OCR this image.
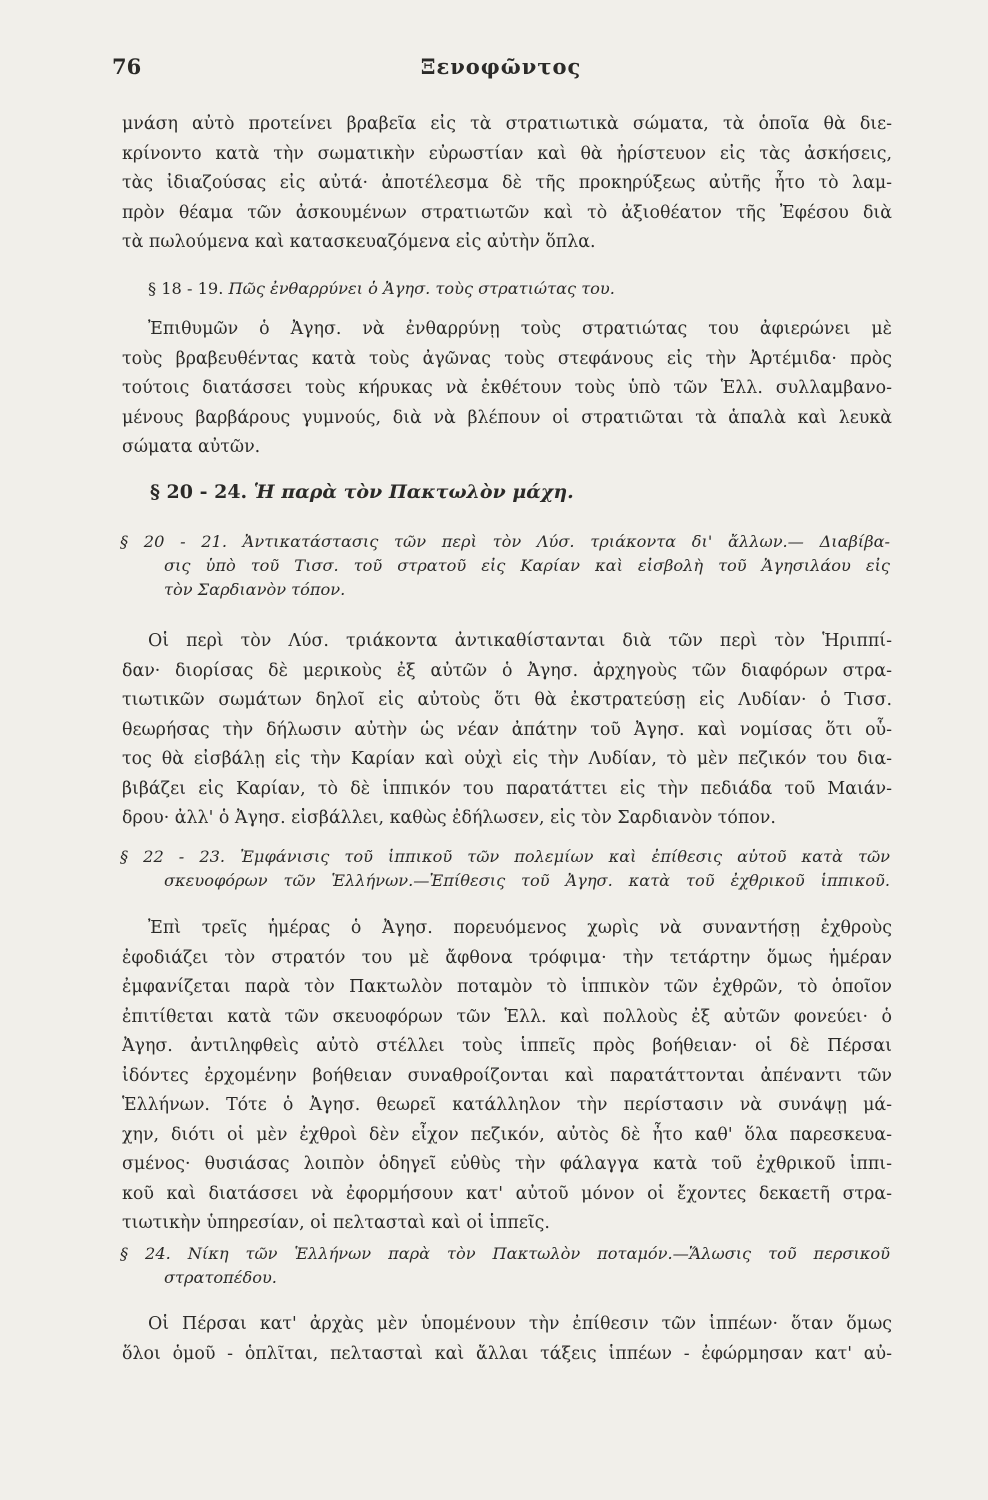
76	Ξενοφῶντος
μνάση αὐτὸ προτείνει βραβεῖα εἰς τὰ στρατιωτικὰ σώματα, τὰ ὁποῖα θὰ διε-
κρίνοντο κατὰ τὴν σωματικὴν εὐρωστίαν καὶ θὰ ἠρίστευον εἰς τὰς ἀσκήσεις,
τὰς ἰδιαζούσας εἰς αὐτά· ἀποτέλεσμα δὲ τῆς προκηρύξεως αὐτῆς ἦτο τὸ λαμ-
πρὸν θέαμα τῶν ἀσκουμένων στρατιωτῶν καὶ τὸ ἀξιοθέατον τῆς Ἐφέσου διὰ
τὰ πωλούμενα καὶ κατασκευαζόμενα εἰς αὐτὴν ὅπλα.
§ 18 - 19. Πῶς ἐνθαρρύνει ὁ Ἀγησ. τοὺς στρατιώτας του.
Ἐπιθυμῶν ὁ Ἀγησ. νὰ ἐνθαρρύνῃ τοὺς στρατιώτας του ἀφιερώνει μὲ
τοὺς βραβευθέντας κατὰ τοὺς ἀγῶνας τοὺς στεφάνους εἰς τὴν Ἀρτέμιδα· πρὸς
τούτοις διατάσσει τοὺς κήρυκας νὰ ἐκθέτουν τοὺς ὑπὸ τῶν Ἑλλ. συλλαμβανο-
μένους βαρβάρους γυμνούς, διὰ νὰ βλέπουν οἱ στρατιῶται τὰ ἁπαλὰ καὶ λευκὰ
σώματα αὐτῶν.
§ 20 - 24. Ἡ παρὰ τὸν Πακτωλὸν μάχη.
§ 20 - 21. Ἀντικατάστασις τῶν περὶ τὸν Λύσ. τριάκοντα δι' ἄλλων.— Διαβίβα-
σις ὑπὸ τοῦ Τισσ. τοῦ στρατοῦ εἰς Καρίαν καὶ εἰσβολὴ τοῦ Ἀγησιλάου εἰς
τὸν Σαρδιανὸν τόπον.
Οἱ περὶ τὸν Λύσ. τριάκοντα ἀντικαθίστανται διὰ τῶν περὶ τὸν Ἡριππί-
δαν· διορίσας δὲ μερικοὺς ἐξ αὐτῶν ὁ Ἀγησ. ἀρχηγοὺς τῶν διαφόρων στρα-
τιωτικῶν σωμάτων δηλοῖ εἰς αὐτοὺς ὅτι θὰ ἐκστρατεύσῃ εἰς Λυδίαν· ὁ Τισσ.
θεωρήσας τὴν δήλωσιν αὐτὴν ὡς νέαν ἀπάτην τοῦ Ἀγησ. καὶ νομίσας ὅτι οὗ-
τος θὰ εἰσβάλῃ εἰς τὴν Καρίαν καὶ οὐχὶ εἰς τὴν Λυδίαν, τὸ μὲν πεζικόν του δια-
βιβάζει εἰς Καρίαν, τὸ δὲ ἱππικόν του παρατάττει εἰς τὴν πεδιάδα τοῦ Μαιάν-
δρου· ἀλλ' ὁ Ἀγησ. εἰσβάλλει, καθὼς ἐδήλωσεν, εἰς τὸν Σαρδιανὸν τόπον.
§ 22 - 23. Ἐμφάνισις τοῦ ἱππικοῦ τῶν πολεμίων καὶ ἐπίθεσις αὐτοῦ κατὰ τῶν
σκευοφόρων τῶν Ἑλλήνων.—Ἐπίθεσις τοῦ Ἀγησ. κατὰ τοῦ ἐχθρικοῦ ἱππικοῦ.
Ἐπὶ τρεῖς ἡμέρας ὁ Ἀγησ. πορευόμενος χωρὶς νὰ συναντήσῃ ἐχθροὺς
ἐφοδιάζει τὸν στρατόν του μὲ ἄφθονα τρόφιμα· τὴν τετάρτην ὅμως ἡμέραν
ἐμφανίζεται παρὰ τὸν Πακτωλὸν ποταμὸν τὸ ἱππικὸν τῶν ἐχθρῶν, τὸ ὁποῖον
ἐπιτίθεται κατὰ τῶν σκευοφόρων τῶν Ἑλλ. καὶ πολλοὺς ἐξ αὐτῶν φονεύει· ὁ
Ἀγησ. ἀντιληφθεὶς αὐτὸ στέλλει τοὺς ἱππεῖς πρὸς βοήθειαν· οἱ δὲ Πέρσαι
ἰδόντες ἐρχομένην βοήθειαν συναθροίζονται καὶ παρατάττονται ἀπέναντι τῶν
Ἑλλήνων. Τότε ὁ Ἀγησ. θεωρεῖ κατάλληλον τὴν περίστασιν νὰ συνάψῃ μά-
χην, διότι οἱ μὲν ἐχθροὶ δὲν εἶχον πεζικόν, αὐτὸς δὲ ἦτο καθ' ὅλα παρεσκευα-
σμένος· θυσιάσας λοιπὸν ὁδηγεῖ εὐθὺς τὴν φάλαγγα κατὰ τοῦ ἐχθρικοῦ ἱππι-
κοῦ καὶ διατάσσει νὰ ἐφορμήσουν κατ' αὐτοῦ μόνον οἱ ἔχοντες δεκαετῆ στρα-
τιωτικὴν ὑπηρεσίαν, οἱ πελτασταὶ καὶ οἱ ἱππεῖς.
§ 24. Νίκη τῶν Ἑλλήνων παρὰ τὸν Πακτωλὸν ποταμόν.—Ἅλωσις τοῦ περσικοῦ
στρατοπέδου.
Οἱ Πέρσαι κατ' ἀρχὰς μὲν ὑπομένουν τὴν ἐπίθεσιν τῶν ἱππέων· ὅταν ὅμως
ὅλοι ὁμοῦ - ὁπλῖται, πελτασταὶ καὶ ἄλλαι τάξεις ἱππέων - ἐφώρμησαν κατ' αὐ-
